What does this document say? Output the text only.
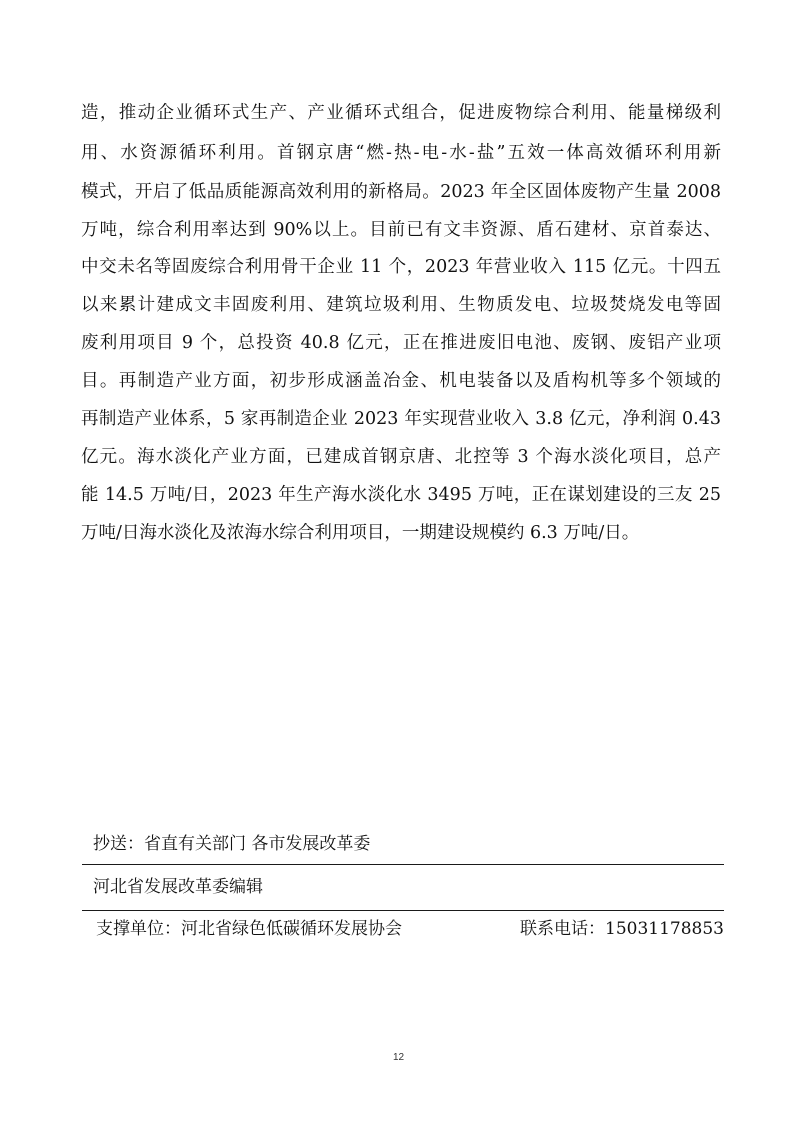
造，推动企业循环式生产、产业循环式组合，促进废物综合利用、能量梯级利
用、水资源循环利用。首钢京唐“燃-热-电-水-盐”五效一体高效循环利用新
模式，开启了低品质能源高效利用的新格局。2023 年全区固体废物产生量 2008
万吨，综合利用率达到 90%以上。目前已有文丰资源、盾石建材、京首泰达、
中交未名等固废综合利用骨干企业 11 个，2023 年营业收入 115 亿元。十四五
以来累计建成文丰固废利用、建筑垃圾利用、生物质发电、垃圾焚烧发电等固
废利用项目 9 个，总投资 40.8 亿元，正在推进废旧电池、废钢、废铝产业项
目。再制造产业方面，初步形成涵盖冶金、机电装备以及盾构机等多个领域的
再制造产业体系，5 家再制造企业 2023 年实现营业收入 3.8 亿元，净利润 0.43
亿元。海水淡化产业方面，已建成首钢京唐、北控等 3 个海水淡化项目，总产
能 14.5 万吨/日，2023 年生产海水淡化水 3495 万吨，正在谋划建设的三友 25
万吨/日海水淡化及浓海水综合利用项目，一期建设规模约 6.3 万吨/日。
抄送：省直有关部门 各市发展改革委
河北省发展改革委编辑
支撑单位：河北省绿色低碳循环发展协会	联系电话：15031178853
12
